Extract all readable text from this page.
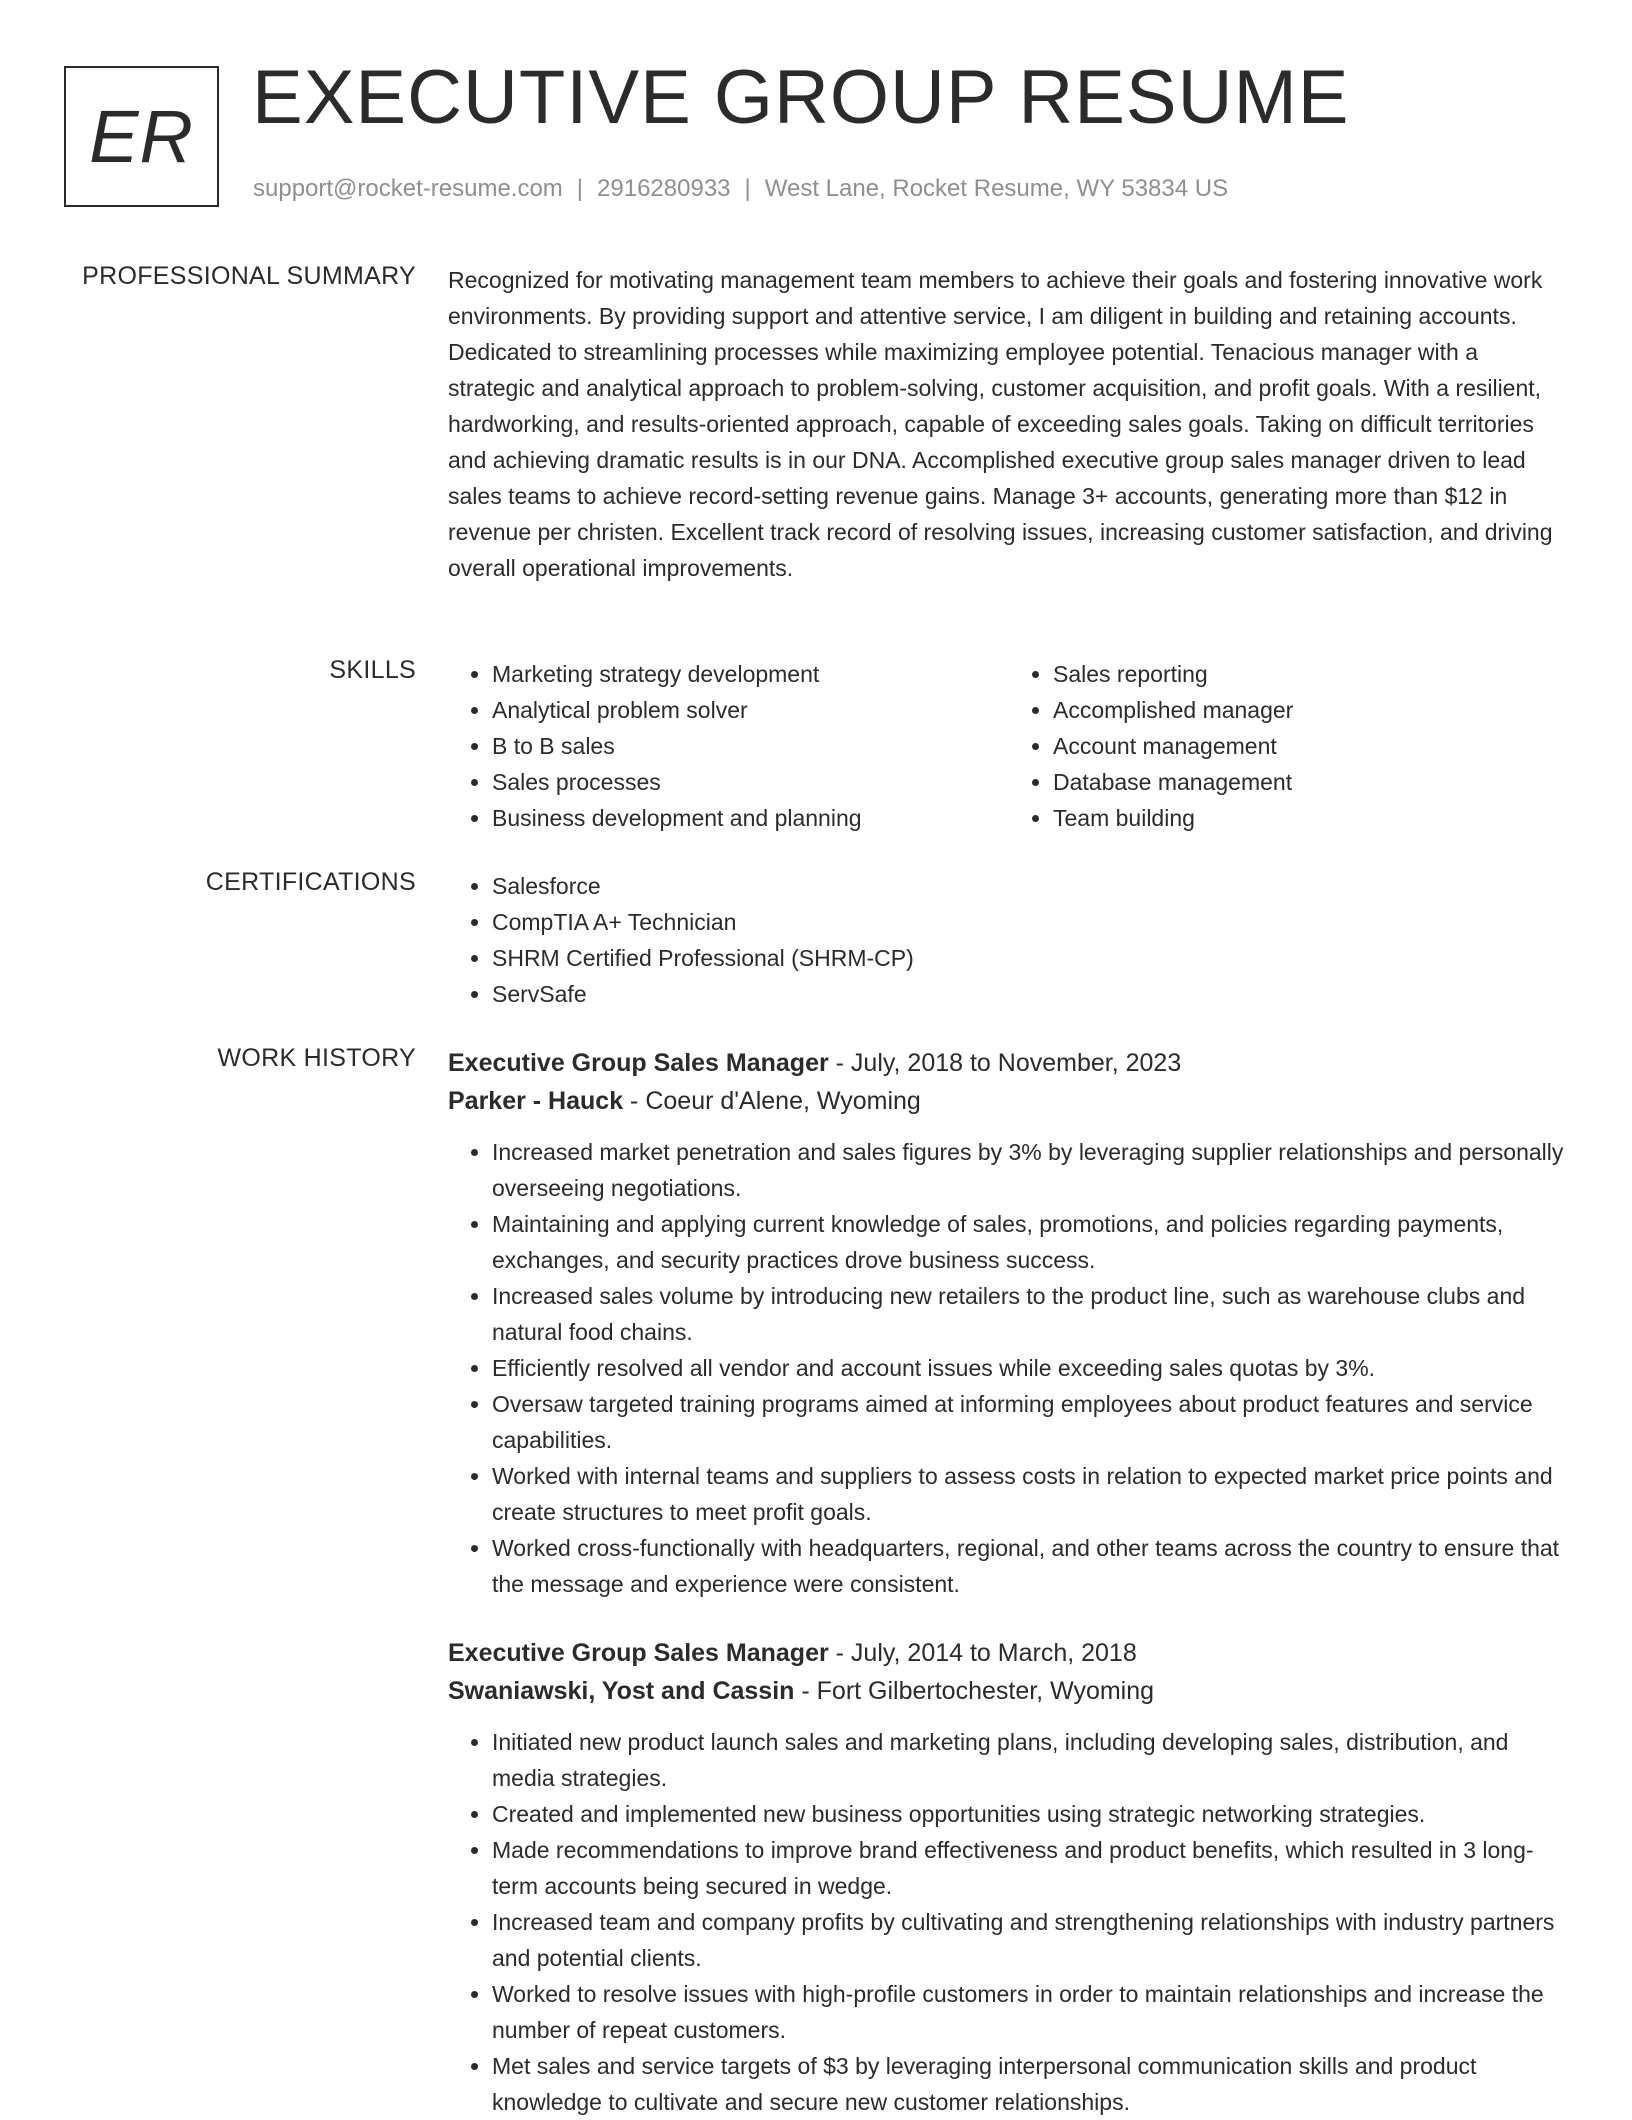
ER EXECUTIVE GROUP RESUME
support@rocket-resume.com | 2916280933 | West Lane, Rocket Resume, WY 53834 US
PROFESSIONAL SUMMARY Recognized for motivating management team members to achieve their goals and fostering innovative work environments. By providing support and attentive service, I am diligent in building and retaining accounts. Dedicated to streamlining processes while maximizing employee potential. Tenacious manager with a strategic and analytical approach to problem-solving, customer acquisition, and profit goals. With a resilient, hardworking, and results-oriented approach, capable of exceeding sales goals. Taking on difficult territories and achieving dramatic results is in our DNA. Accomplished executive group sales manager driven to lead sales teams to achieve record-setting revenue gains. Manage 3+ accounts, generating more than $12 in revenue per christen. Excellent track record of resolving issues, increasing customer satisfaction, and driving overall operational improvements.

SKILLS	• Marketing strategy development
• Analytical problem solver
• B to B sales
• Sales processes
• Business development and planning
• Sales reporting
• Accomplished manager
• Account management
• Database management
• Team building
CERTIFICATIONS	• Salesforce
• CompTIA A+ Technician
• SHRM Certified Professional (SHRM-CP)
• ServSafe
WORK HISTORY Executive Group Sales Manager - July, 2018 to November, 2023
Parker - Hauck - Coeur d'Alene, Wyoming
• Increased market penetration and sales figures by 3% by leveraging supplier relationships and personally overseeing negotiations.
• Maintaining and applying current knowledge of sales, promotions, and policies regarding payments, exchanges, and security practices drove business success.
• Increased sales volume by introducing new retailers to the product line, such as warehouse clubs and natural food chains.
• Efficiently resolved all vendor and account issues while exceeding sales quotas by 3%.
• Oversaw targeted training programs aimed at informing employees about product features and service capabilities.
• Worked with internal teams and suppliers to assess costs in relation to expected market price points and create structures to meet profit goals.
• Worked cross-functionally with headquarters, regional, and other teams across the country to ensure that the message and experience were consistent.
Executive Group Sales Manager - July, 2014 to March, 2018
Swaniawski, Yost and Cassin - Fort Gilbertochester, Wyoming
• Initiated new product launch sales and marketing plans, including developing sales, distribution, and media strategies.
• Created and implemented new business opportunities using strategic networking strategies.
• Made recommendations to improve brand effectiveness and product benefits, which resulted in 3 long-term accounts being secured in wedge.
• Increased team and company profits by cultivating and strengthening relationships with industry partners and potential clients.
• Worked to resolve issues with high-profile customers in order to maintain relationships and increase the number of repeat customers.
• Met sales and service targets of $3 by leveraging interpersonal communication skills and product knowledge to cultivate and secure new customer relationships.
